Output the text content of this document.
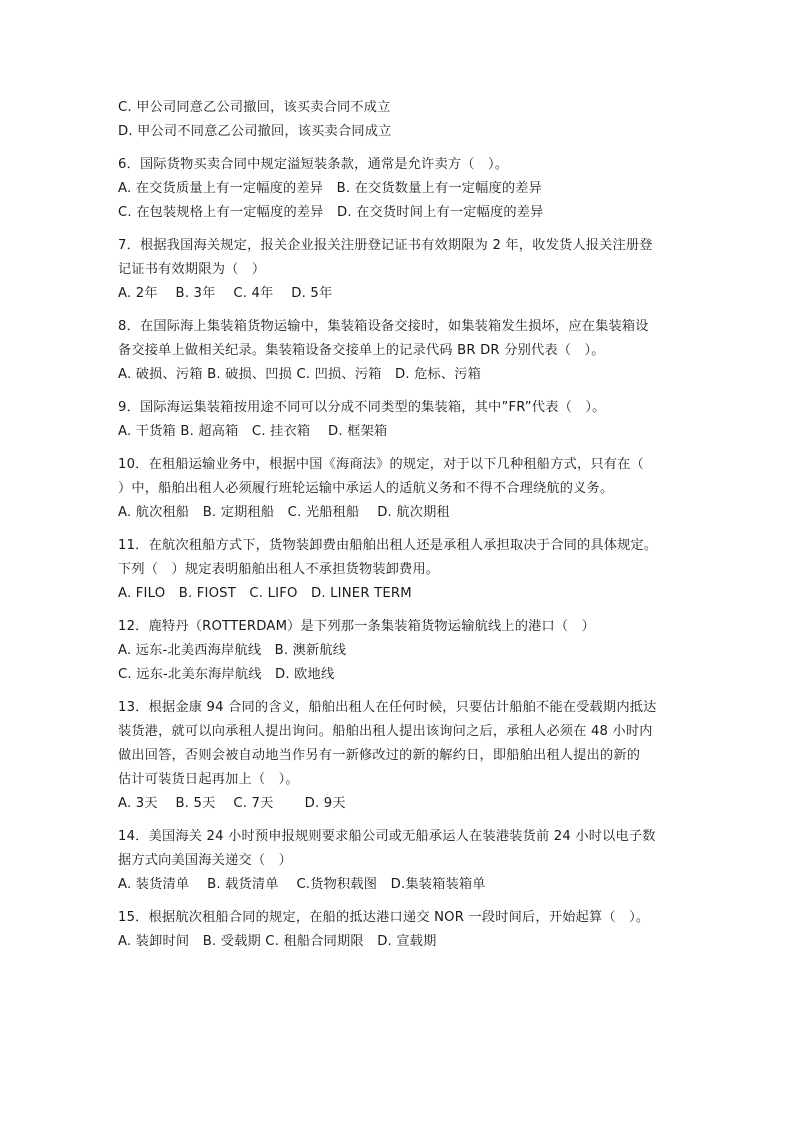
C. 甲公司同意乙公司撤回，该买卖合同不成立
D. 甲公司不同意乙公司撤回，该买卖合同成立
6．国际货物买卖合同中规定溢短装条款，通常是允许卖方（　）。
A. 在交货质量上有一定幅度的差异　B. 在交货数量上有一定幅度的差异
C. 在包装规格上有一定幅度的差异　D. 在交货时间上有一定幅度的差异
7．根据我国海关规定，报关企业报关注册登记证书有效期限为 2 年，收发货人报关注册登
记证书有效期限为（　）
A. 2年　 B. 3年　 C. 4年　 D. 5年
8．在国际海上集装箱货物运输中，集装箱设备交接时，如集装箱发生损坏，应在集装箱设
备交接单上做相关纪录。集装箱设备交接单上的记录代码 BR DR 分别代表（　）。
A. 破损、污箱 B. 破损、凹损 C. 凹损、污箱　D. 危标、污箱
9．国际海运集装箱按用途不同可以分成不同类型的集装箱，其中”FR”代表（　）。
A. 干货箱 B. 超高箱　C. 挂衣箱　 D. 框架箱
10．在租船运输业务中，根据中国《海商法》的规定，对于以下几种租船方式，只有在（
）中，船舶出租人必须履行班轮运输中承运人的适航义务和不得不合理绕航的义务。
A. 航次租船　B. 定期租船　C. 光船租船　 D. 航次期租
11．在航次租船方式下，货物装卸费由船舶出租人还是承租人承担取决于合同的具体规定。
下列（　）规定表明船舶出租人不承担货物装卸费用。
A. FILO　B. FIOST　C. LIFO　D. LINER TERM
12．鹿特丹（ROTTERDAM）是下列那一条集装箱货物运输航线上的港口（　）
A. 远东-北美西海岸航线　B. 澳新航线
C. 远东-北美东海岸航线　D. 欧地线
13．根据金康 94 合同的含义，船舶出租人在任何时候，只要估计船舶不能在受载期内抵达
装货港，就可以向承租人提出询问。船舶出租人提出该询问之后，承租人必须在 48 小时内
做出回答，否则会被自动地当作另有一新修改过的新的解约日，即船舶出租人提出的新的
估计可装货日起再加上（　）。
A. 3天　 B. 5天　 C. 7天　　 D. 9天
14．美国海关 24 小时预申报规则要求船公司或无船承运人在装港装货前 24 小时以电子数
据方式向美国海关递交（　）
A. 装货清单　 B. 载货清单　 C.货物积载图　D.集装箱装箱单
15．根据航次租船合同的规定，在船的抵达港口递交 NOR 一段时间后，开始起算（　）。
A. 装卸时间　B. 受载期 C. 租船合同期限　D. 宣载期
